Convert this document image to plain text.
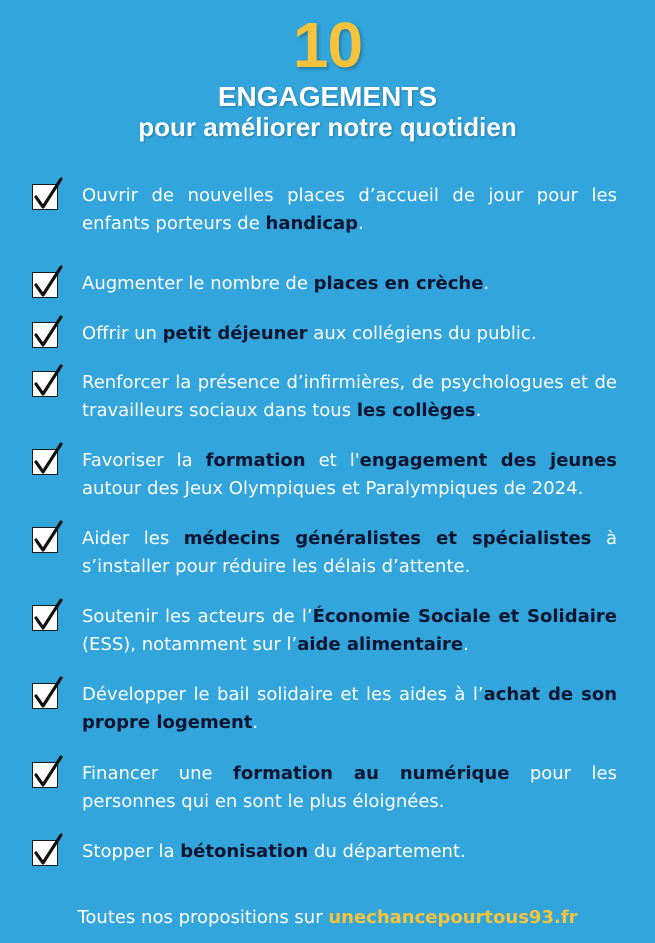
10
ENGAGEMENTS
pour améliorer notre quotidien
Ouvrir de nouvelles places d’accueil de jour pour les enfants porteurs de handicap.
Augmenter le nombre de places en crèche.
Offrir un petit déjeuner aux collégiens du public.
Renforcer la présence d’infirmières, de psychologues et de travailleurs sociaux dans tous les collèges.
Favoriser la formation et l'engagement des jeunes autour des Jeux Olympiques et Paralympiques de 2024.
Aider les médecins généralistes et spécialistes à s’installer pour réduire les délais d’attente.
Soutenir les acteurs de l’Économie Sociale et Solidaire (ESS), notamment sur l’aide alimentaire.
Développer le bail solidaire et les aides à l’achat de son propre logement.
Financer une formation au numérique pour les personnes qui en sont le plus éloignées.
Stopper la bétonisation du département.
Toutes nos propositions sur unechancepourtous93.fr
